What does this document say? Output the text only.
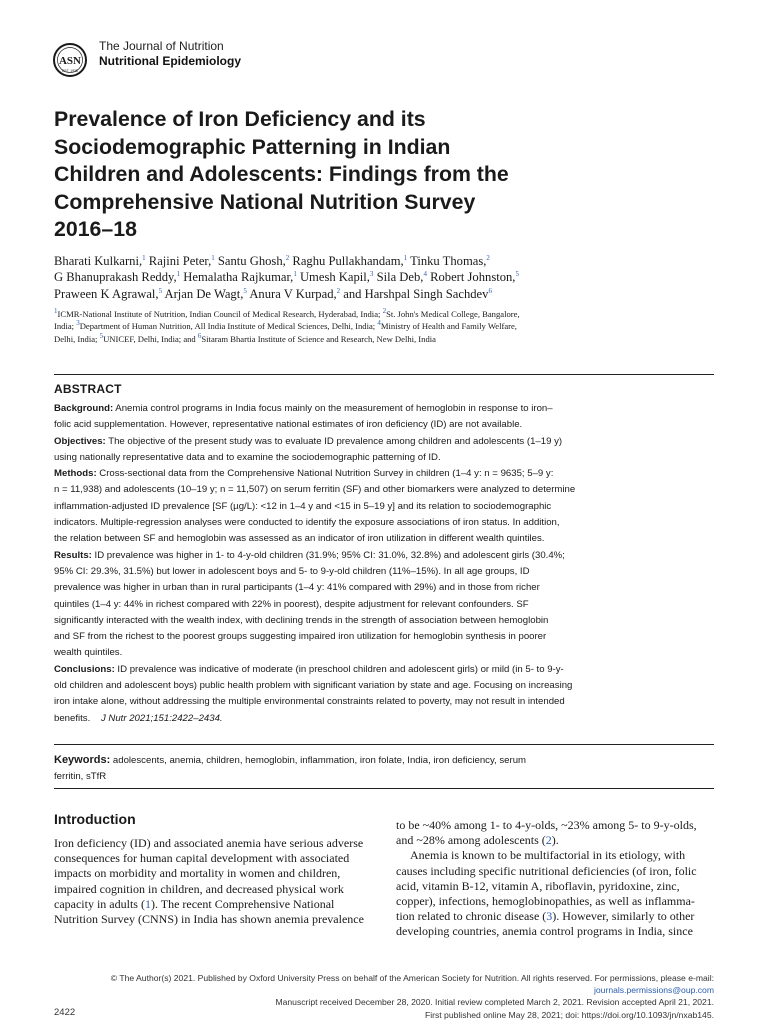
ASN
EST. 1928
The Journal of Nutrition
Nutritional Epidemiology
Prevalence of Iron Deficiency and its
Sociodemographic Patterning in Indian
Children and Adolescents: Findings from the
Comprehensive National Nutrition Survey
2016–18
Bharati Kulkarni,$^1$ Rajini Peter,$^1$ Santu Ghosh,$^2$ Raghu Pullakhandam,$^1$ Tinku Thomas,$^2$
G Bhanuprakash Reddy,$^1$ Hemalatha Rajkumar,$^1$ Umesh Kapil,$^3$ Sila Deb,$^4$ Robert Johnston,$^5$
Praween K Agrawal,$^5$ Arjan De Wagt,$^5$ Anura V Kurpad,$^2$ and Harshpal Singh Sachdev$^6$
$^1$ICMR-National Institute of Nutrition, Indian Council of Medical Research, Hyderabad, India; $^2$St. John's Medical College, Bangalore,
India; $^3$Department of Human Nutrition, All India Institute of Medical Sciences, Delhi, India; $^4$Ministry of Health and Family Welfare,
Delhi, India; $^5$UNICEF, Delhi, India; and $^6$Sitaram Bhartia Institute of Science and Research, New Delhi, India
ABSTRACT
Background: Anemia control programs in India focus mainly on the measurement of hemoglobin in response to iron–
folic acid supplementation. However, representative national estimates of iron deficiency (ID) are not available.
Objectives: The objective of the present study was to evaluate ID prevalence among children and adolescents (1–19 y)
using nationally representative data and to examine the sociodemographic patterning of ID.
Methods: Cross-sectional data from the Comprehensive National Nutrition Survey in children (1–4 y: n = 9635; 5–9 y:
n = 11,938) and adolescents (10–19 y; n = 11,507) on serum ferritin (SF) and other biomarkers were analyzed to determine
inflammation-adjusted ID prevalence [SF (µg/L): <12 in 1–4 y and <15 in 5–19 y] and its relation to sociodemographic
indicators. Multiple-regression analyses were conducted to identify the exposure associations of iron status. In addition,
the relation between SF and hemoglobin was assessed as an indicator of iron utilization in different wealth quintiles.
Results: ID prevalence was higher in 1- to 4-y-old children (31.9%; 95% CI: 31.0%, 32.8%) and adolescent girls (30.4%;
95% CI: 29.3%, 31.5%) but lower in adolescent boys and 5- to 9-y-old children (11%–15%). In all age groups, ID
prevalence was higher in urban than in rural participants (1–4 y: 41% compared with 29%) and in those from richer
quintiles (1–4 y: 44% in richest compared with 22% in poorest), despite adjustment for relevant confounders. SF
significantly interacted with the wealth index, with declining trends in the strength of association between hemoglobin
and SF from the richest to the poorest groups suggesting impaired iron utilization for hemoglobin synthesis in poorer
wealth quintiles.
Conclusions: ID prevalence was indicative of moderate (in preschool children and adolescent girls) or mild (in 5- to 9-y-
old children and adolescent boys) public health problem with significant variation by state and age. Focusing on increasing
iron intake alone, without addressing the multiple environmental constraints related to poverty, may not result in intended
benefits. J Nutr 2021;151:2422–2434.
Keywords: adolescents, anemia, children, hemoglobin, inflammation, iron folate, India, iron deficiency, serum
ferritin, sTfR
Introduction
Iron deficiency (ID) and associated anemia have serious adverse
consequences for human capital development with associated
impacts on morbidity and mortality in women and children,
impaired cognition in children, and decreased physical work
capacity in adults (1). The recent Comprehensive National
Nutrition Survey (CNNS) in India has shown anemia prevalence
to be ~40% among 1- to 4-y-olds, ~23% among 5- to 9-y-olds,
and ~28% among adolescents (2).
Anemia is known to be multifactorial in its etiology, with
causes including specific nutritional deficiencies (of iron, folic
acid, vitamin B-12, vitamin A, riboflavin, pyridoxine, zinc,
copper), infections, hemoglobinopathies, as well as inflamma-
tion related to chronic disease (3). However, similarly to other
developing countries, anemia control programs in India, since
© The Author(s) 2021. Published by Oxford University Press on behalf of the American Society for Nutrition. All rights reserved. For permissions, please e-mail:
journals.permissions@oup.com
Manuscript received December 28, 2020. Initial review completed March 2, 2021. Revision accepted April 21, 2021.
First published online May 28, 2021; doi: https://doi.org/10.1093/jn/nxab145.
2422
